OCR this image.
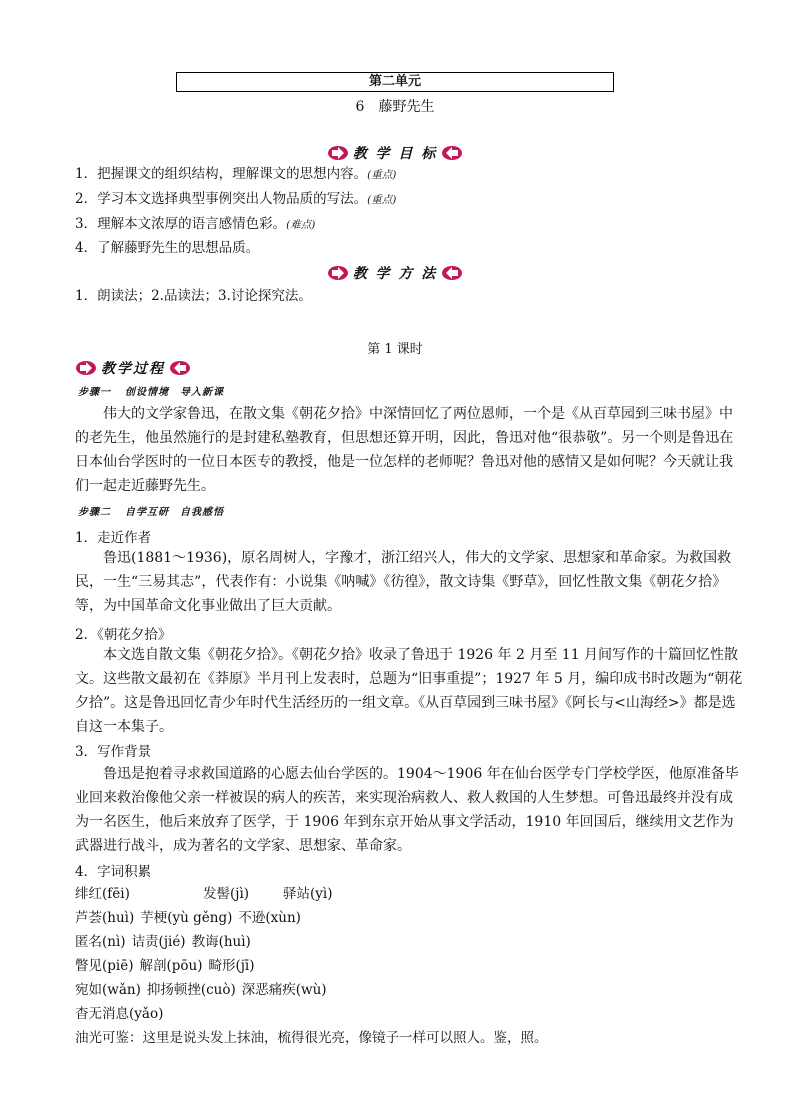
第二单元
6　藤野先生
教 学 目 标
1．把握课文的组织结构，理解课文的思想内容。(重点)
2．学习本文选择典型事例突出人物品质的写法。(重点)
3．理解本文浓厚的语言感情色彩。(难点)
4．了解藤野先生的思想品质。
教 学 方 法
1．朗读法；2.品读法；3.讨论探究法。
第 1 课时
教学过程
步骤一 创设情境　导入新课
伟大的文学家鲁迅，在散文集《朝花夕拾》中深情回忆了两位恩师，一个是《从百草园到三味书屋》中的老先生，他虽然施行的是封建私塾教育，但思想还算开明，因此，鲁迅对他“很恭敬”。另一个则是鲁迅在日本仙台学医时的一位日本医专的教授，他是一位怎样的老师呢？鲁迅对他的感情又是如何呢？今天就让我们一起走近藤野先生。
步骤二 自学互研　自我感悟
1．走近作者
鲁迅(1881～1936)，原名周树人，字豫才，浙江绍兴人，伟大的文学家、思想家和革命家。为救国救民，一生“三易其志”，代表作有：小说集《呐喊》《彷徨》，散文诗集《野草》，回忆性散文集《朝花夕拾》等，为中国革命文化事业做出了巨大贡献。
2．《朝花夕拾》
本文选自散文集《朝花夕拾》。《朝花夕拾》收录了鲁迅于 1926 年 2 月至 11 月间写作的十篇回忆性散文。这些散文最初在《莽原》半月刊上发表时，总题为“旧事重提”；1927 年 5 月，编印成书时改题为“朝花夕拾”。这是鲁迅回忆青少年时代生活经历的一组文章。《从百草园到三味书屋》《阿长与<山海经>》都是选自这一本集子。
3．写作背景
鲁迅是抱着寻求救国道路的心愿去仙台学医的。1904～1906 年在仙台医学专门学校学医，他原准备毕业回来救治像他父亲一样被误的病人的疾苦，来实现治病救人、救人救国的人生梦想。可鲁迅最终并没有成为一名医生，他后来放弃了医学，于 1906 年到东京开始从事文学活动，1910 年回国后，继续用文艺作为武器进行战斗，成为著名的文学家、思想家、革命家。
4．字词积累
绯红(fēi)	发髻(jì)	驿站(yì)
芦荟(huì) 芋梗(yù gěng) 不逊(xùn)
匿名(nì) 诘责(jié) 教诲(huì)
瞥见(piē) 解剖(pōu) 畸形(jī)
宛如(wǎn) 抑扬顿挫(cuò) 深恶痛疾(wù)
杳无消息(yǎo)
油光可鉴：这里是说头发上抹油，梳得很光亮，像镜子一样可以照人。鉴，照。
